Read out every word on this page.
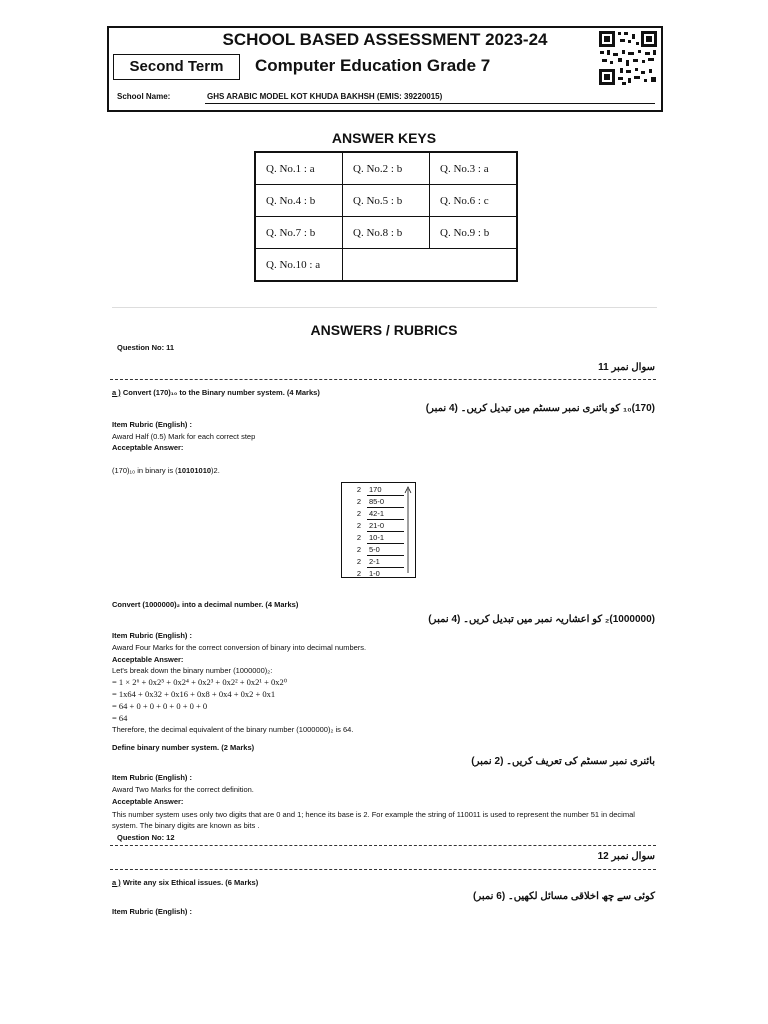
SCHOOL BASED ASSESSMENT 2023-24
Second Term	Computer Education Grade 7
School Name:	GHS ARABIC MODEL KOT KHUDA BAKHSH (EMIS: 39220015)
ANSWER KEYS
Q. No.1 : a	Q. No.2 : b	Q. No.3 : a
Q. No.4 : b	Q. No.5 : b	Q. No.6 : c
Q. No.7 : b	Q. No.8 : b	Q. No.9 : b
Q. No.10 : a		
ANSWERS / RUBRICS
Question No: 11
سوال نمبر 11
a ) Convert (170)₁₀ to the Binary number system. (4 Marks)
(170)₁₀ کو بائنری نمبر سسٹم میں تبدیل کریں۔ (4 نمبر)
Item Rubric (English) :
Award Half (0.5) Mark for each correct step
Acceptable Answer:
(170)₁₀ in binary is (10101010)2.
2 170
2 85-0
2 42-1
2 21-0
2 10-1
2 5-0
2 2-1
2 1-0
Convert (1000000)₂ into a decimal number. (4 Marks)
(1000000)₂ کو اعشاریہ نمبر میں تبدیل کریں۔ (4 نمبر)
Item Rubric (English) :
Award Four Marks for the correct conversion of binary into decimal numbers.
Acceptable Answer:
Let's break down the binary number (1000000)₂:
= 1 × 2⁶ + 0x2⁵ + 0x2⁴ + 0x2³ + 0x2² + 0x2¹ + 0x2⁰
= 1x64 + 0x32 + 0x16 + 0x8 + 0x4 + 0x2 + 0x1
= 64 + 0 + 0 + 0 + 0 + 0 + 0
= 64
Therefore, the decimal equivalent of the binary number (1000000)₂ is 64.
Define binary number system. (2 Marks)
بائنری نمبر سسٹم کی تعریف کریں۔ (2 نمبر)
Item Rubric (English) :
Award Two Marks for the correct definition.
Acceptable Answer:
This number system uses only two digits that are 0 and 1; hence its base is 2. For example the string of 110011 is used to represent the number 51 in decimal system. The binary digits are known as bits .
Question No: 12
سوال نمبر 12
a ) Write any six Ethical issues. (6 Marks)
کوئی سے چھ اخلاقی مسائل لکھیں۔ (6 نمبر)
Item Rubric (English) :
